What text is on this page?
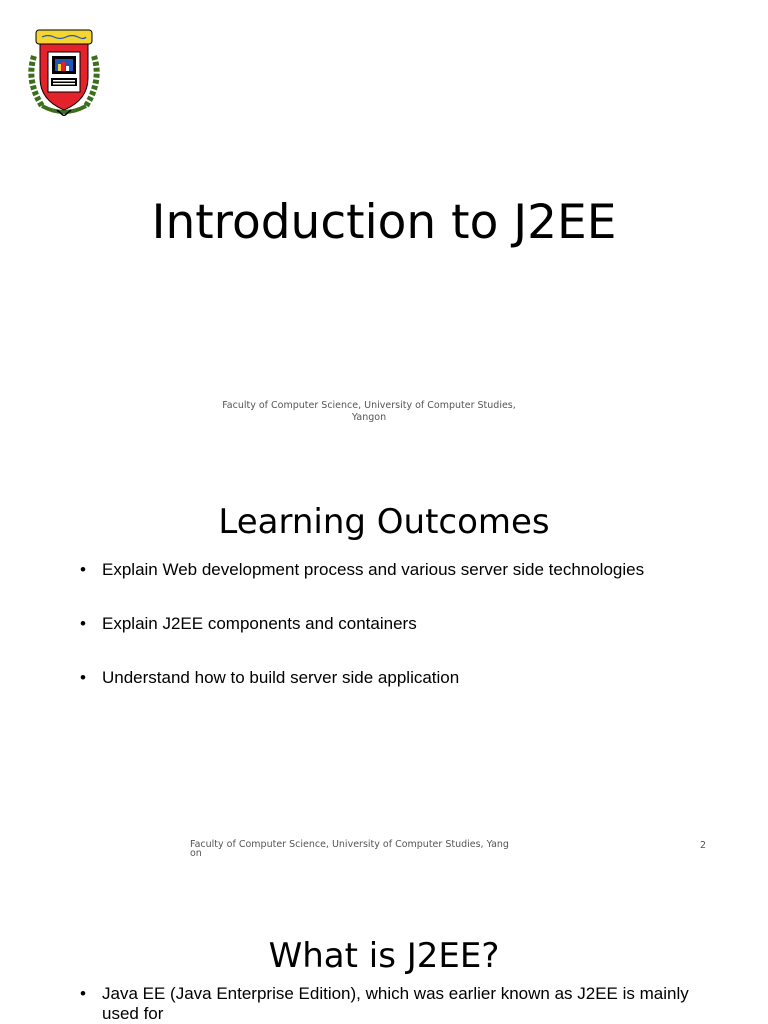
Introduction to J2EE
Faculty of Computer Science, University of Computer Studies,
Yangon
Learning Outcomes
• Explain Web development process and various server side technologies
• Explain J2EE components and containers
• Understand how to build server side application
Faculty of Computer Science, University of Computer Studies, Yangon
2
What is J2EE?
• Java EE (Java Enterprise Edition), which was earlier known as J2EE is mainly used for
